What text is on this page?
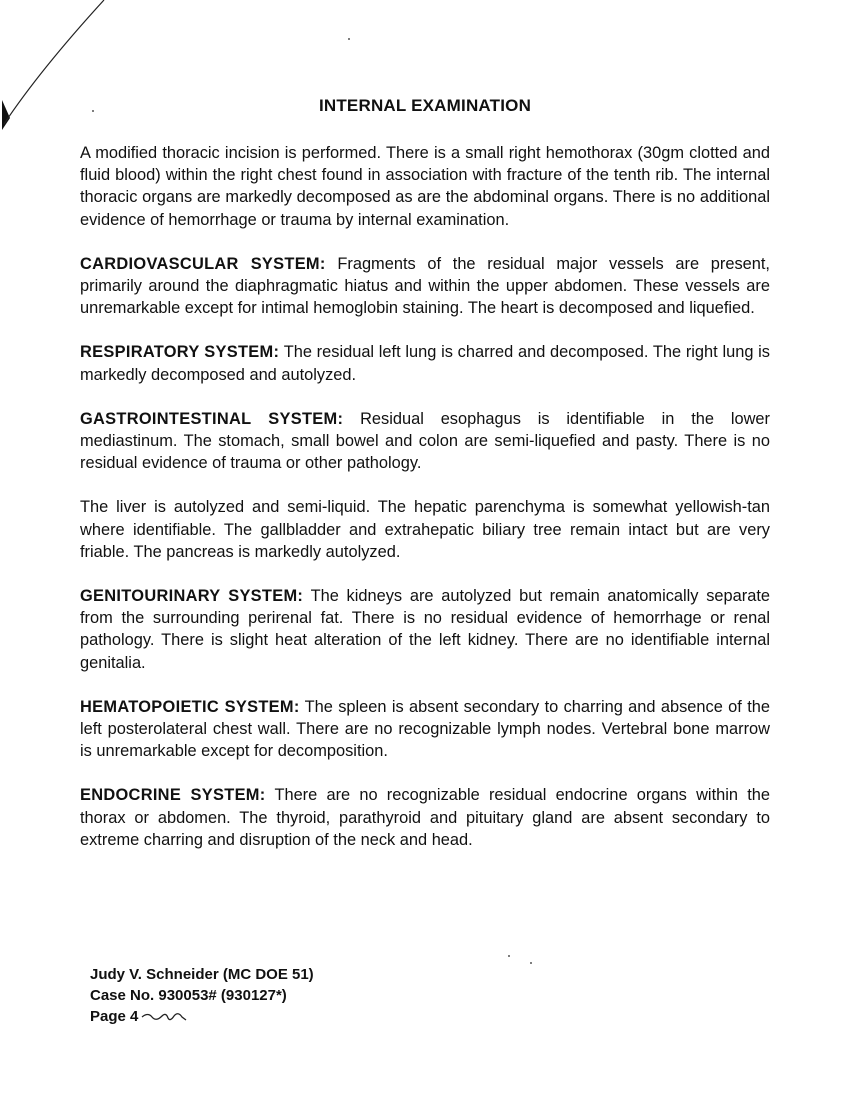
INTERNAL EXAMINATION

A modified thoracic incision is performed. There is a small right hemothorax (30gm clotted and fluid blood) within the right chest found in association with fracture of the tenth rib. The internal thoracic organs are markedly decomposed as are the abdominal organs. There is no additional evidence of hemorrhage or trauma by internal examination.

CARDIOVASCULAR SYSTEM: Fragments of the residual major vessels are present, primarily around the diaphragmatic hiatus and within the upper abdomen. These vessels are unremarkable except for intimal hemoglobin staining. The heart is decomposed and liquefied.

RESPIRATORY SYSTEM: The residual left lung is charred and decomposed. The right lung is markedly decomposed and autolyzed.

GASTROINTESTINAL SYSTEM: Residual esophagus is identifiable in the lower mediastinum. The stomach, small bowel and colon are semi-liquefied and pasty. There is no residual evidence of trauma or other pathology.

The liver is autolyzed and semi-liquid. The hepatic parenchyma is somewhat yellowish-tan where identifiable. The gallbladder and extrahepatic biliary tree remain intact but are very friable. The pancreas is markedly autolyzed.

GENITOURINARY SYSTEM: The kidneys are autolyzed but remain anatomically separate from the surrounding perirenal fat. There is no residual evidence of hemorrhage or renal pathology. There is slight heat alteration of the left kidney. There are no identifiable internal genitalia.

HEMATOPOIETIC SYSTEM: The spleen is absent secondary to charring and absence of the left posterolateral chest wall. There are no recognizable lymph nodes. Vertebral bone marrow is unremarkable except for decomposition.

ENDOCRINE SYSTEM: There are no recognizable residual endocrine organs within the thorax or abdomen. The thyroid, parathyroid and pituitary gland are absent secondary to extreme charring and disruption of the neck and head.

Judy V. Schneider (MC DOE 51)
Case No. 930053# (930127*)
Page 4
